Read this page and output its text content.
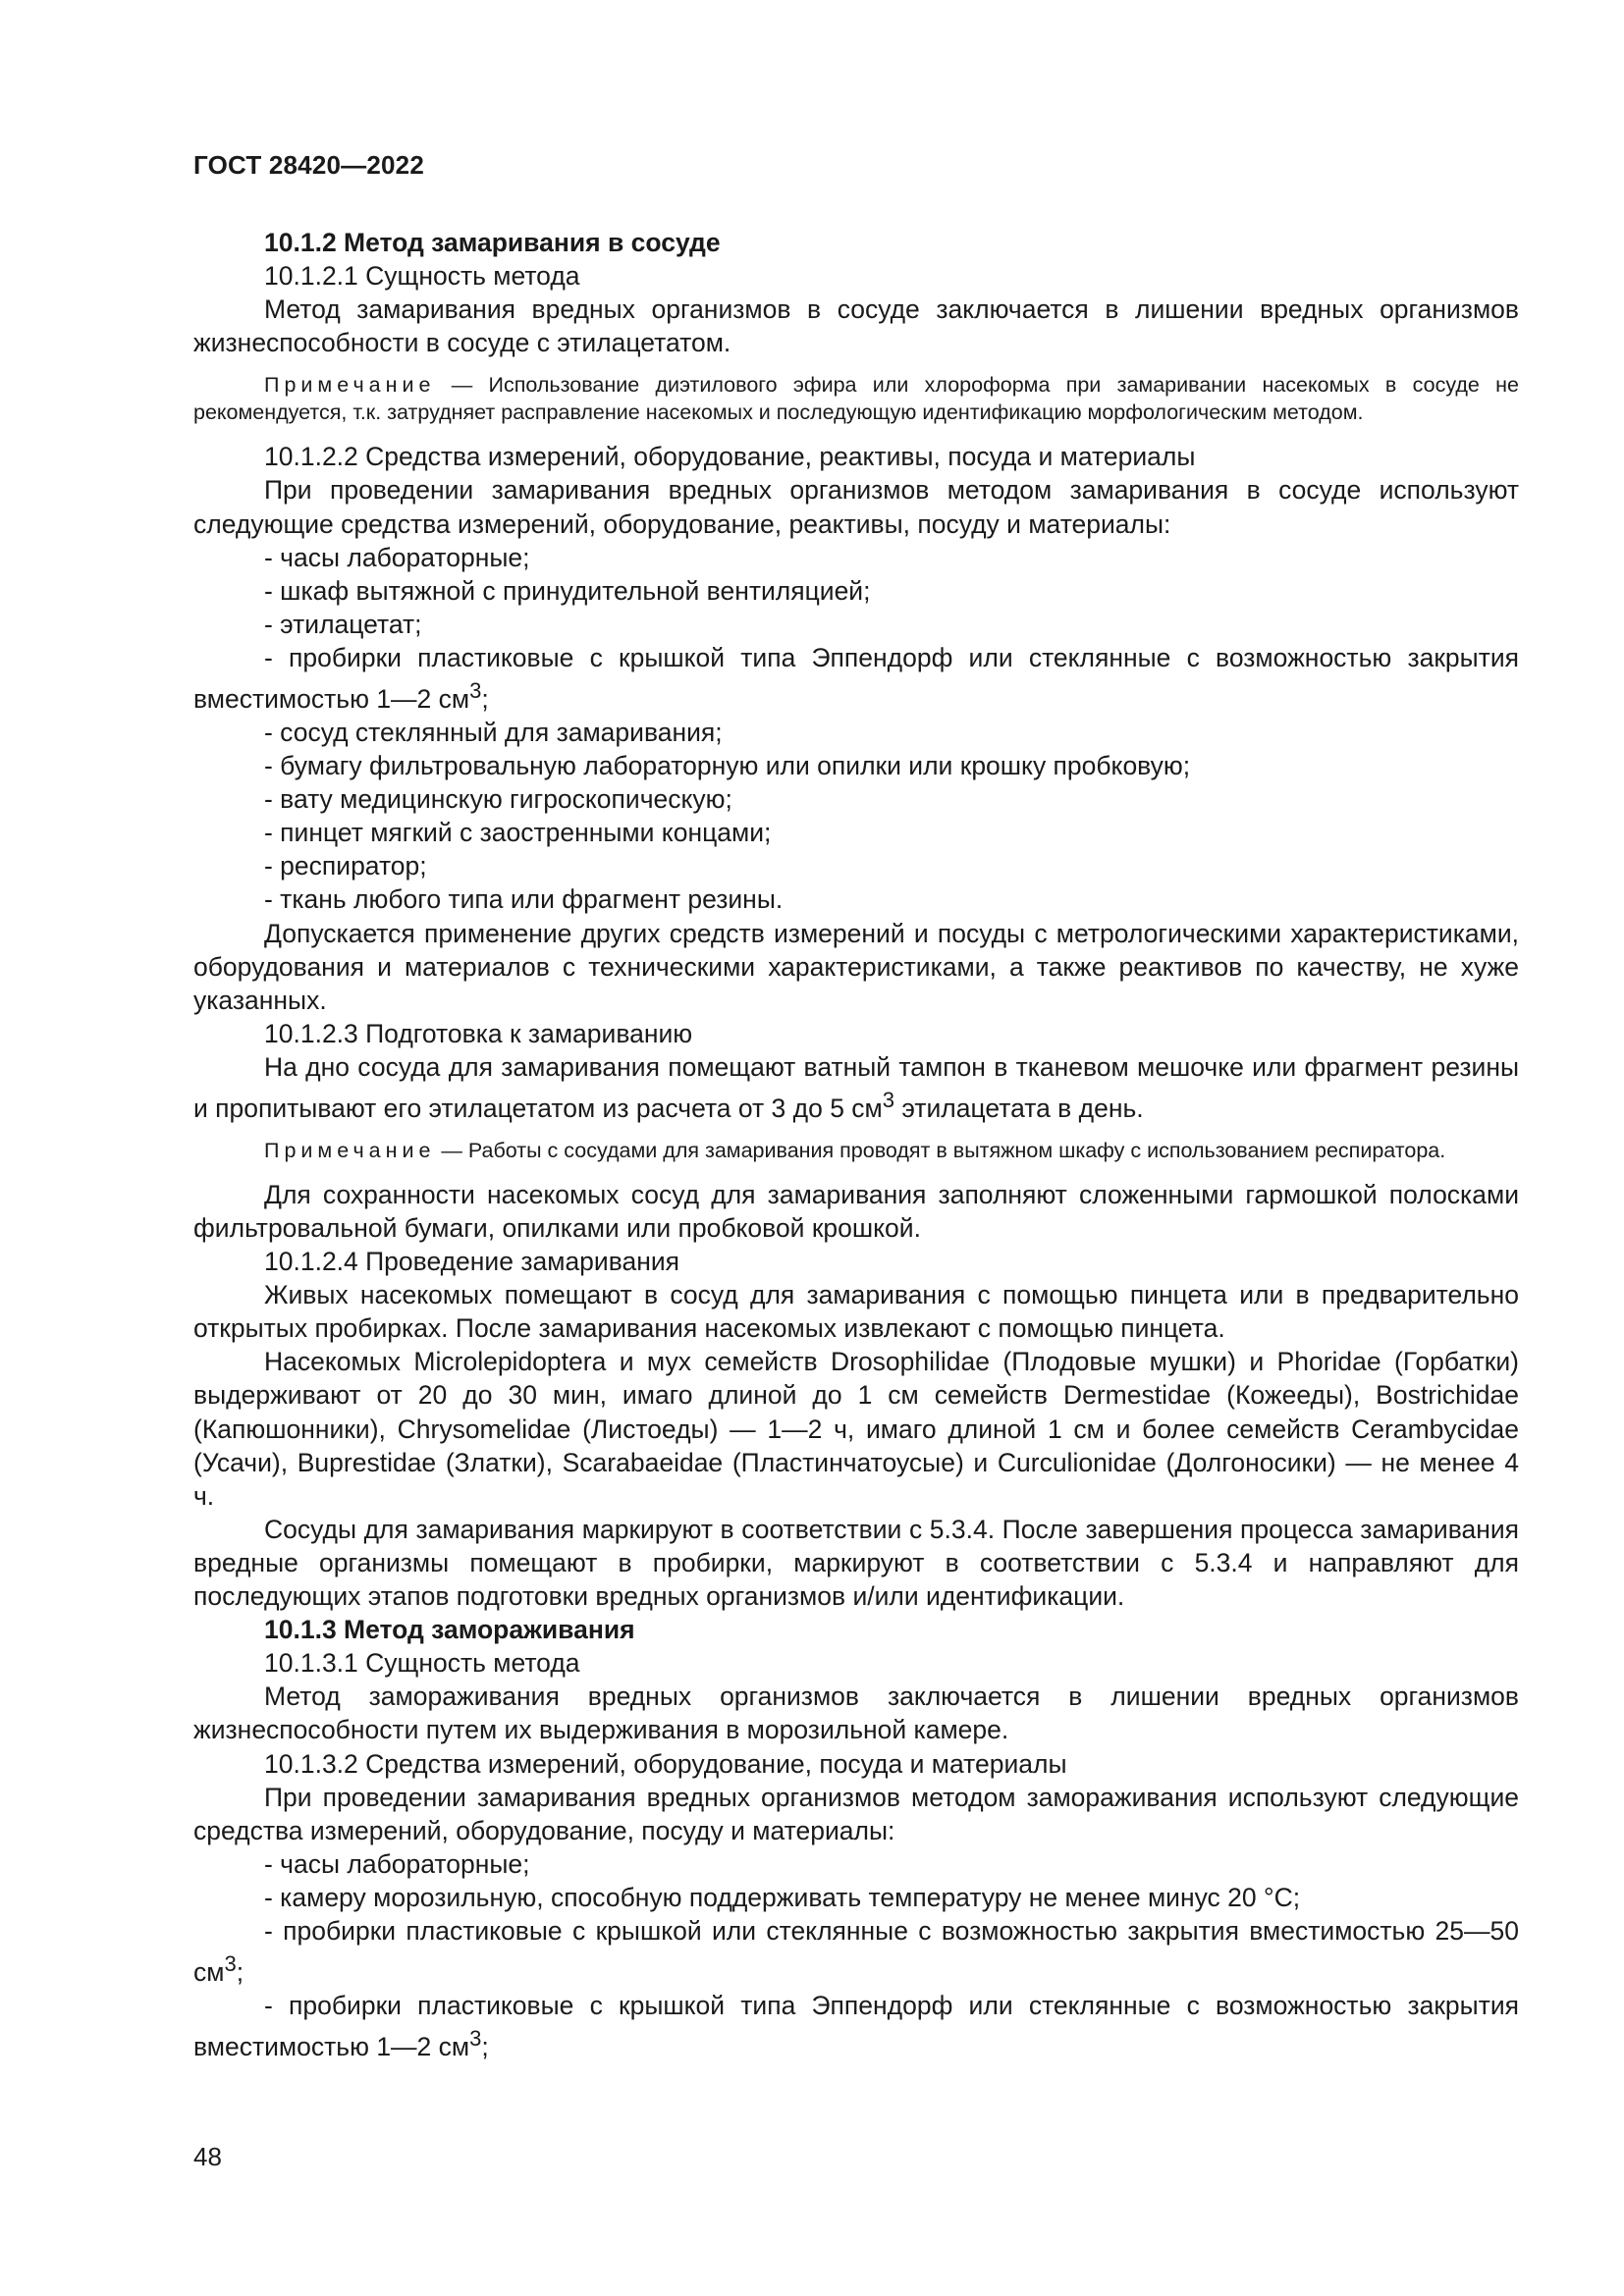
ГОСТ 28420—2022

10.1.2 Метод замаривания в сосуде

10.1.2.1 Сущность метода

Метод замаривания вредных организмов в сосуде заключается в лишении вредных организмов жизнеспособности в сосуде с этилацетатом.

Примечание — Использование диэтилового эфира или хлороформа при замаривании насекомых в сосуде не рекомендуется, т.к. затрудняет расправление насекомых и последующую идентификацию морфологическим методом.

10.1.2.2 Средства измерений, оборудование, реактивы, посуда и материалы

При проведении замаривания вредных организмов методом замаривания в сосуде используют следующие средства измерений, оборудование, реактивы, посуду и материалы:

- часы лабораторные;

- шкаф вытяжной с принудительной вентиляцией;

- этилацетат;

- пробирки пластиковые с крышкой типа Эппендорф или стеклянные с возможностью закрытия вместимостью 1—2 $см^3$;

- сосуд стеклянный для замаривания;

- бумагу фильтровальную лабораторную или опилки или крошку пробковую;

- вату медицинскую гигроскопическую;

- пинцет мягкий с заостренными концами;

- респиратор;

- ткань любого типа или фрагмент резины.

Допускается применение других средств измерений и посуды с метрологическими характеристиками, оборудования и материалов с техническими характеристиками, а также реактивов по качеству, не хуже указанных.

10.1.2.3 Подготовка к замариванию

На дно сосуда для замаривания помещают ватный тампон в тканевом мешочке или фрагмент резины и пропитывают его этилацетатом из расчета от 3 до 5 $см^3$ этилацетата в день.

Примечание — Работы с сосудами для замаривания проводят в вытяжном шкафу с использованием респиратора.

Для сохранности насекомых сосуд для замаривания заполняют сложенными гармошкой полосками фильтровальной бумаги, опилками или пробковой крошкой.

10.1.2.4 Проведение замаривания

Живых насекомых помещают в сосуд для замаривания с помощью пинцета или в предварительно открытых пробирках. После замаривания насекомых извлекают с помощью пинцета.

Насекомых Microlepidoptera и мух семейств Drosophilidae (Плодовые мушки) и Phoridae (Горбатки) выдерживают от 20 до 30 мин, имаго длиной до 1 см семейств Dermestidae (Кожееды), Bostrichidae (Капюшонники), Chrysomelidae (Листоеды) — 1—2 ч, имаго длиной 1 см и более семейств Cerambycidae (Усачи), Buprestidae (Златки), Scarabaeidae (Пластинчатоусые) и Curculionidae (Долгоносики) — не менее 4 ч.

Сосуды для замаривания маркируют в соответствии с 5.3.4. После завершения процесса замаривания вредные организмы помещают в пробирки, маркируют в соответствии с 5.3.4 и направляют для последующих этапов подготовки вредных организмов и/или идентификации.

10.1.3 Метод замораживания

10.1.3.1 Сущность метода

Метод замораживания вредных организмов заключается в лишении вредных организмов жизнеспособности путем их выдерживания в морозильной камере.

10.1.3.2 Средства измерений, оборудование, посуда и материалы

При проведении замаривания вредных организмов методом замораживания используют следующие средства измерений, оборудование, посуду и материалы:

- часы лабораторные;

- камеру морозильную, способную поддерживать температуру не менее минус 20 °С;

- пробирки пластиковые с крышкой или стеклянные с возможностью закрытия вместимостью 25—50 $см^3$;

- пробирки пластиковые с крышкой типа Эппендорф или стеклянные с возможностью закрытия вместимостью 1—2 $см^3$;

48
